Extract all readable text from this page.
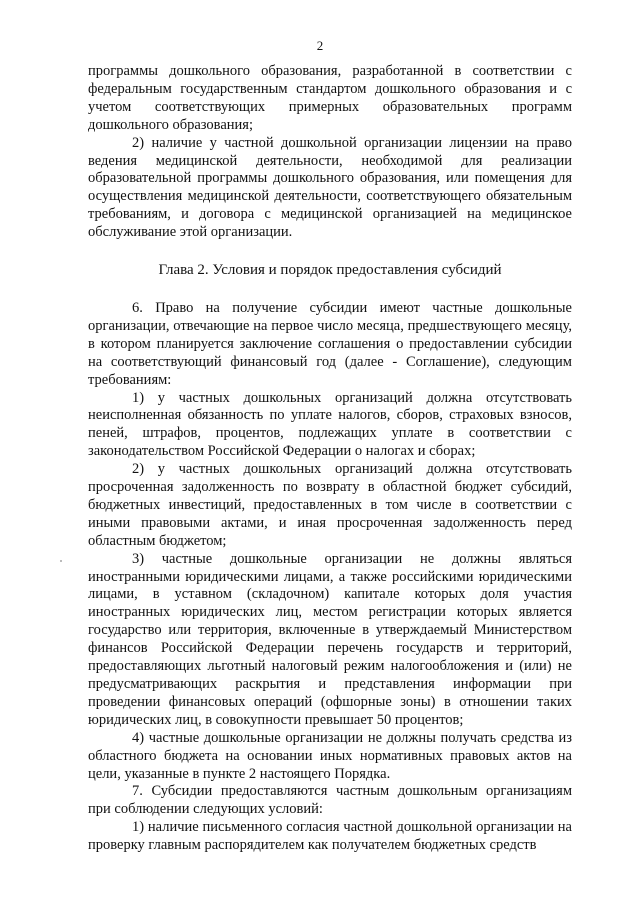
2

программы дошкольного образования, разработанной в соответствии с федеральным государственным стандартом дошкольного образования и с учетом соответствующих примерных образовательных программ дошкольного образования;

2) наличие у частной дошкольной организации лицензии на право ведения медицинской деятельности, необходимой для реализации образовательной программы дошкольного образования, или помещения для осуществления медицинской деятельности, соответствующего обязательным требованиям, и договора с медицинской организацией на медицинское обслуживание этой организации.

Глава 2. Условия и порядок предоставления субсидий

6. Право на получение субсидии имеют частные дошкольные организации, отвечающие на первое число месяца, предшествующего месяцу, в котором планируется заключение соглашения о предоставлении субсидии на соответствующий финансовый год (далее - Соглашение), следующим требованиям:

1) у частных дошкольных организаций должна отсутствовать неисполненная обязанность по уплате налогов, сборов, страховых взносов, пеней, штрафов, процентов, подлежащих уплате в соответствии с законодательством Российской Федерации о налогах и сборах;

2) у частных дошкольных организаций должна отсутствовать просроченная задолженность по возврату в областной бюджет субсидий, бюджетных инвестиций, предоставленных в том числе в соответствии с иными правовыми актами, и иная просроченная задолженность перед областным бюджетом;

3) частные дошкольные организации не должны являться иностранными юридическими лицами, а также российскими юридическими лицами, в уставном (складочном) капитале которых доля участия иностранных юридических лиц, местом регистрации которых является государство или территория, включенные в утверждаемый Министерством финансов Российской Федерации перечень государств и территорий, предоставляющих льготный налоговый режим налогообложения и (или) не предусматривающих раскрытия и представления информации при проведении финансовых операций (офшорные зоны) в отношении таких юридических лиц, в совокупности превышает 50 процентов;

4) частные дошкольные организации не должны получать средства из областного бюджета на основании иных нормативных правовых актов на цели, указанные в пункте 2 настоящего Порядка.

7. Субсидии предоставляются частным дошкольным организациям при соблюдении следующих условий:

1) наличие письменного согласия частной дошкольной организации на проверку главным распорядителем как получателем бюджетных средств
